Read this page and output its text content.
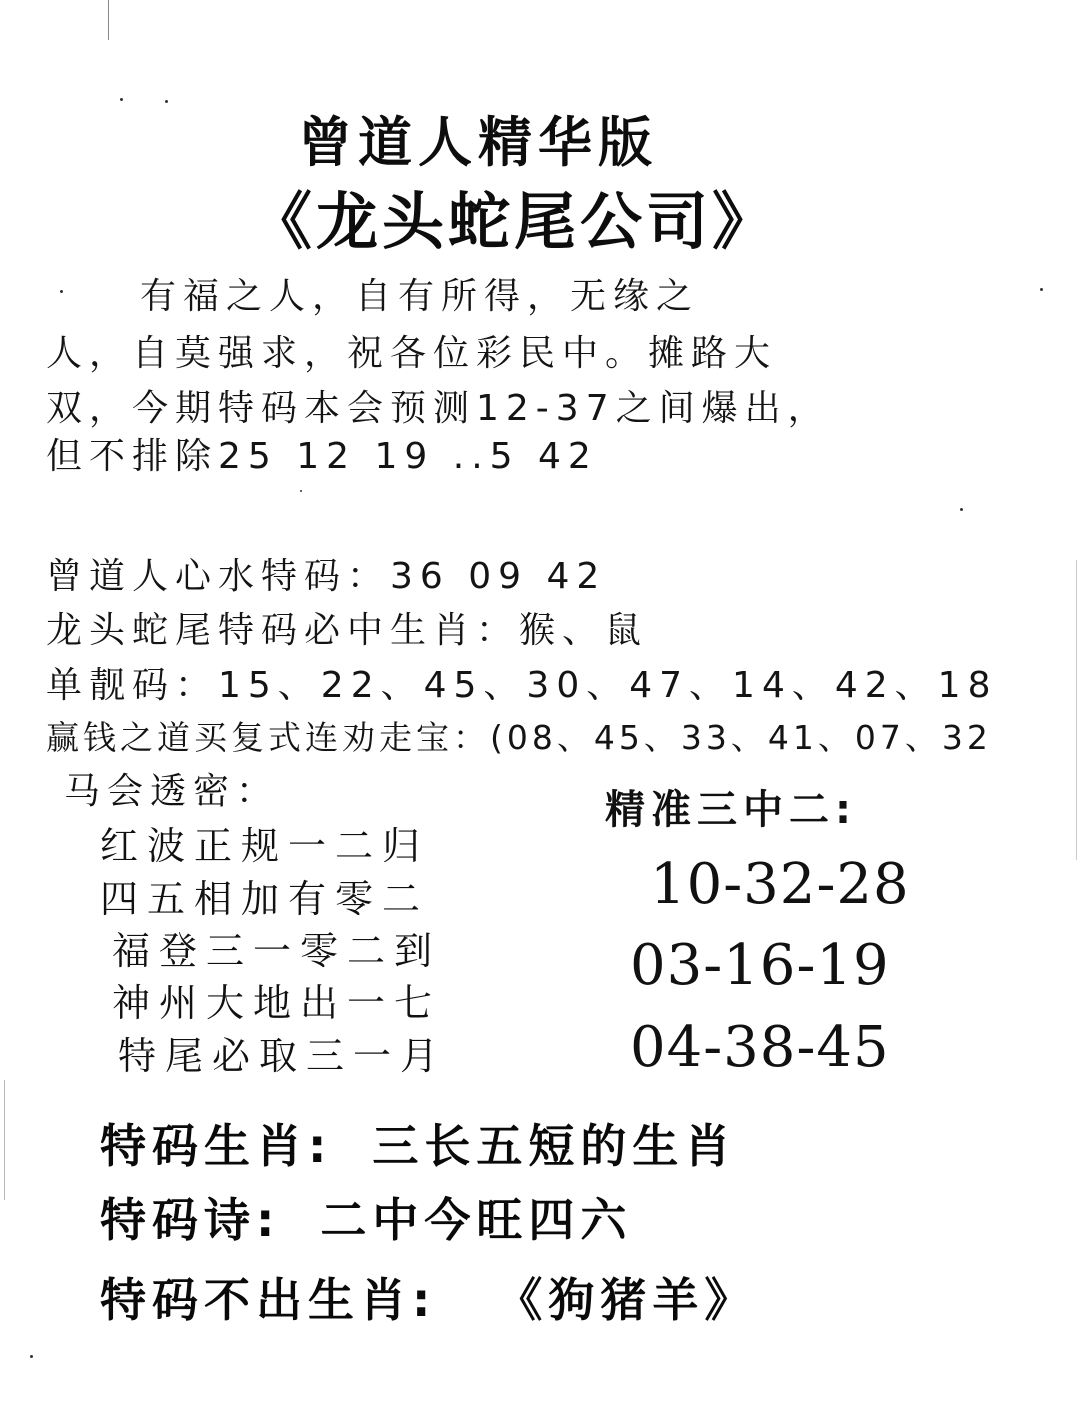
曾道人精华版
《龙头蛇尾公司》
有福之人，自有所得，无缘之
人，自莫强求，祝各位彩民中。摊路大
双，今期特码本会预测12-37之间爆出，
但不排除25 12 19 ..5 42
曾道人心水特码：36 09 42
龙头蛇尾特码必中生肖：猴、鼠
单靓码：15、22、45、30、47、14、42、18
赢钱之道买复式连劝走宝：(08、45、33、41、07、32
马会透密：
红波正规一二归
四五相加有零二
福登三一零二到
神州大地出一七
特尾必取三一月
精准三中二:
10-32-28
03-16-19
04-38-45
特码生肖: 三长五短的生肖
特码诗: 二中今旺四六
特码不出生肖: 《狗猪羊》
